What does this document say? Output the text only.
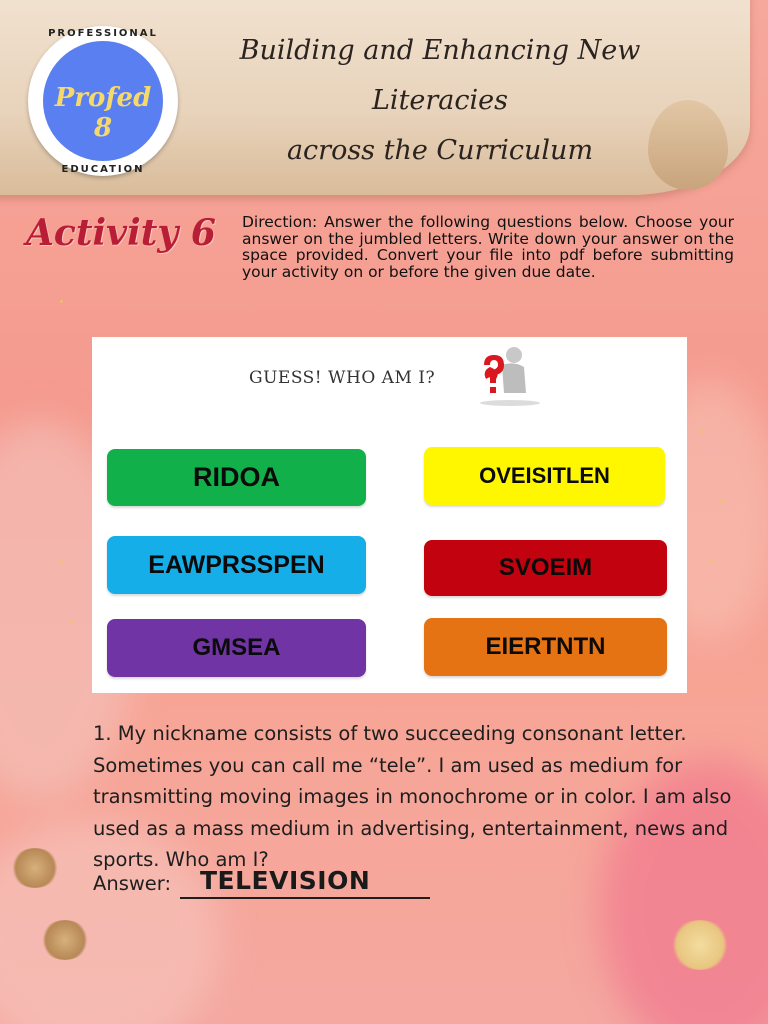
Building and Enhancing New Literacies
across the Curriculum
PROFESSIONAL
Profed 8
EDUCATION
Activity 6 Direction: Answer the following questions below. Choose your answer on the jumbled letters. Write down your answer on the space provided. Convert your file into pdf before submitting your activity on or before the given due date.
GUESS! WHO AM I?
RIDOA	OVEISITLEN
EAWPRSSPEN	SVOEIM
GMSEA	EIERTNTN
1. My nickname consists of two succeeding consonant letter. Sometimes you can call me “tele”. I am used as medium for transmitting moving images in monochrome or in color. I am also used as a mass medium in advertising, entertainment, news and sports. Who am I?
Answer: TELEVISION
